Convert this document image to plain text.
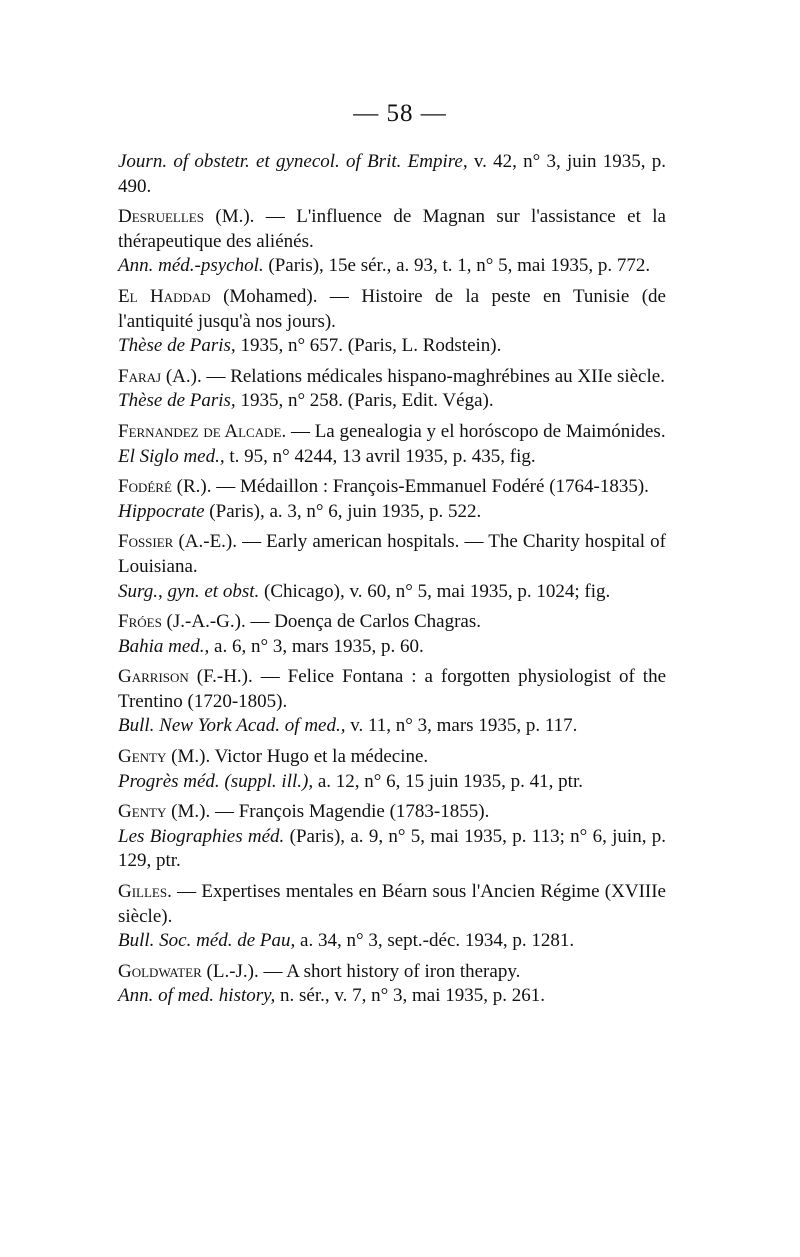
— 58 —
Journ. of obstetr. et gynecol. of Brit. Empire, v. 42, n° 3, juin 1935, p. 490.
Desruelles (M.). — L'influence de Magnan sur l'assistance et la thérapeutique des aliénés.
Ann. méd.-psychol. (Paris), 15e sér., a. 93, t. 1, n° 5, mai 1935, p. 772.
El Haddad (Mohamed). — Histoire de la peste en Tunisie (de l'antiquité jusqu'à nos jours).
Thèse de Paris, 1935, n° 657. (Paris, L. Rodstein).
Faraj (A.). — Relations médicales hispano-maghrébines au XIIe siècle.
Thèse de Paris, 1935, n° 258. (Paris, Edit. Véga).
Fernandez de Alcade. — La genealogia y el horóscopo de Maimónides.
El Siglo med., t. 95, n° 4244, 13 avril 1935, p. 435, fig.
Fodéré (R.). — Médaillon : François-Emmanuel Fodéré (1764-1835).
Hippocrate (Paris), a. 3, n° 6, juin 1935, p. 522.
Fossier (A.-E.). — Early american hospitals. — The Charity hospital of Louisiana.
Surg., gyn. et obst. (Chicago), v. 60, n° 5, mai 1935, p. 1024; fig.
Fróes (J.-A.-G.). — Doença de Carlos Chagras.
Bahia med., a. 6, n° 3, mars 1935, p. 60.
Garrison (F.-H.). — Felice Fontana : a forgotten physiologist of the Trentino (1720-1805).
Bull. New York Acad. of med., v. 11, n° 3, mars 1935, p. 117.
Genty (M.). Victor Hugo et la médecine.
Progrès méd. (suppl. ill.), a. 12, n° 6, 15 juin 1935, p. 41, ptr.
Genty (M.). — François Magendie (1783-1855).
Les Biographies méd. (Paris), a. 9, n° 5, mai 1935, p. 113; n° 6, juin, p. 129, ptr.
Gilles. — Expertises mentales en Béarn sous l'Ancien Régime (XVIIIe siècle).
Bull. Soc. méd. de Pau, a. 34, n° 3, sept.-déc. 1934, p. 1281.
Goldwater (L.-J.). — A short history of iron therapy.
Ann. of med. history, n. sér., v. 7, n° 3, mai 1935, p. 261.
